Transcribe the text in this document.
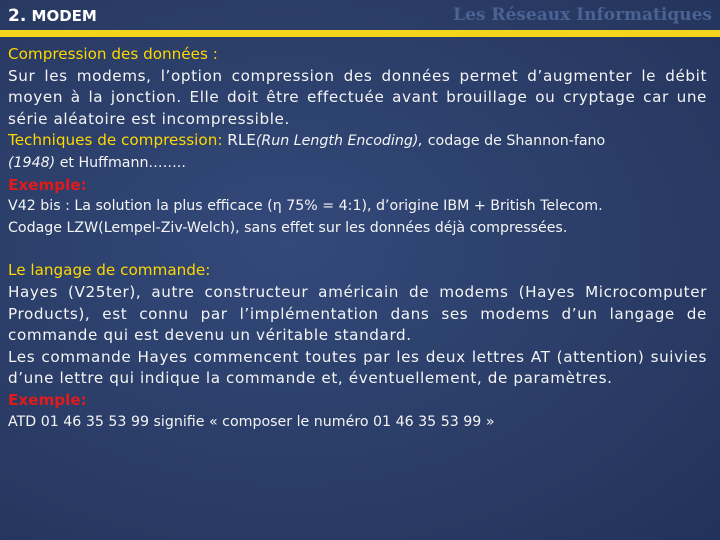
2. MODEM	Les Réseaux Informatiques

Compression des données :

Sur les modems, l’option compression des données permet d’augmenter le débit moyen à la jonction. Elle doit être effectuée avant brouillage ou cryptage car une série aléatoire est incompressible.

Techniques de compression: RLE(Run Length Encoding), codage de Shannon-fano

(1948) et Huffmann……..

Exemple:

V42 bis : La solution la plus efficace (η 75% = 4:1), d’origine IBM + British Telecom.

Codage LZW(Lempel-Ziv-Welch), sans effet sur les données déjà compressées.

Le langage de commande:

Hayes (V25ter), autre constructeur américain de modems (Hayes Microcomputer Products), est connu par l’implémentation dans ses modems d’un langage de commande qui est devenu un véritable standard.

Les commande Hayes commencent toutes par les deux lettres AT (attention) suivies d’une lettre qui indique la commande et, éventuellement, de paramètres.

Exemple:

ATD 01 46 35 53 99 signifie « composer le numéro 01 46 35 53 99 »
